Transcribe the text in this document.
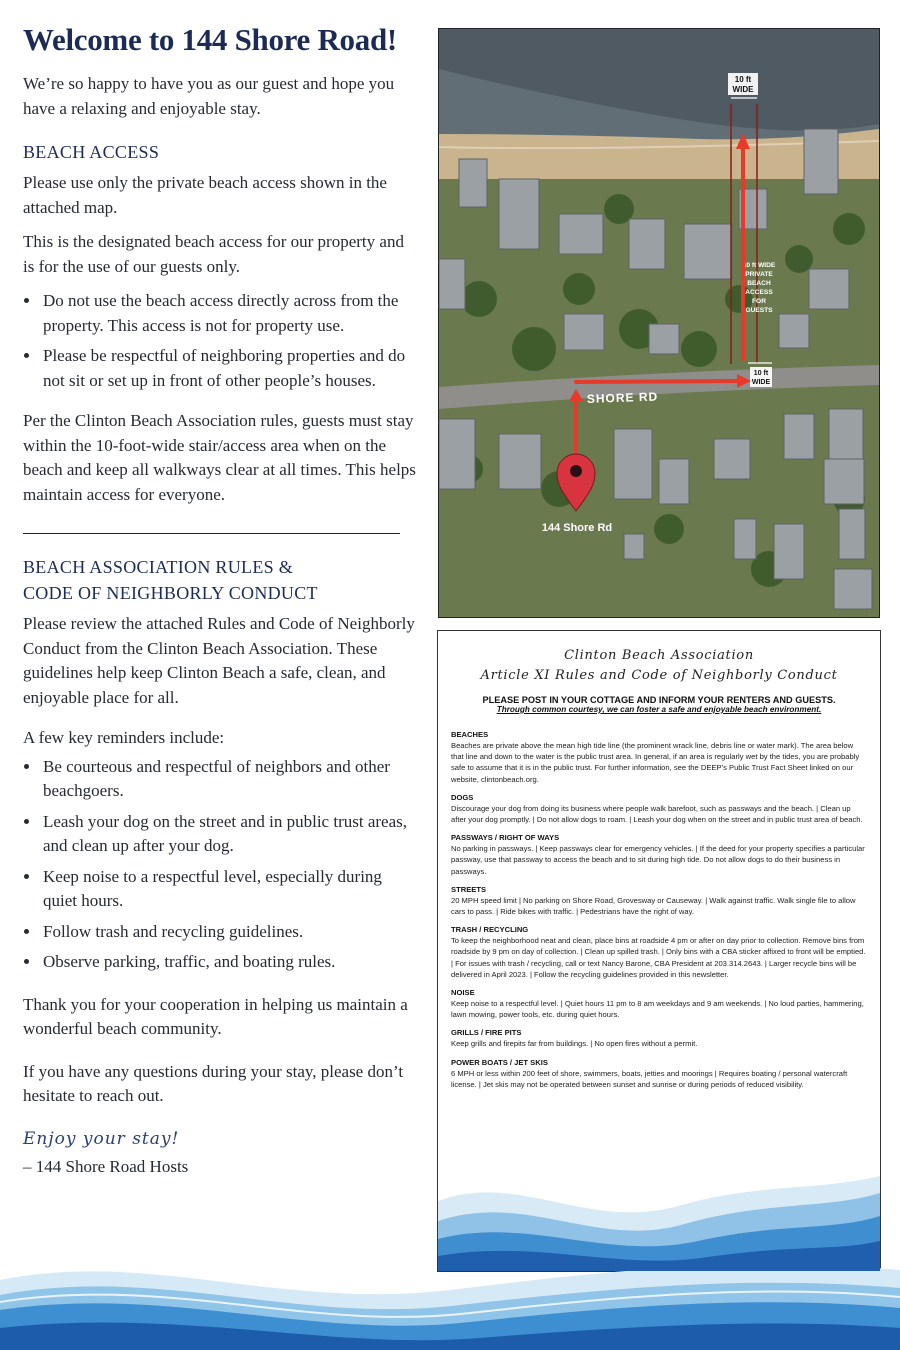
Welcome to 144 Shore Road!

We’re so happy to have you as our guest and hope you have a relaxing and enjoyable stay.

BEACH ACCESS

Please use only the private beach access shown in the attached map.

This is the designated beach access for our property and is for the use of our guests only.

• Do not use the beach access directly across from the property. This access is not for property use.
• Please be respectful of neighboring properties and do not sit or set up in front of other people’s houses.

Per the Clinton Beach Association rules, guests must stay within the 10-foot-wide stair/access area when on the beach and keep all walkways clear at all times. This helps maintain access for everyone.

BEACH ASSOCIATION RULES &
CODE OF NEIGHBORLY CONDUCT

Please review the attached Rules and Code of Neighborly Conduct from the Clinton Beach Association. These guidelines help keep Clinton Beach a safe, clean, and enjoyable place for all.

A few key reminders include:

• Be courteous and respectful of neighbors and other beachgoers.
• Leash your dog on the street and in public trust areas, and clean up after your dog.
• Keep noise to a respectful level, especially during quiet hours.
• Follow trash and recycling guidelines.
• Observe parking, traffic, and boating rules.

Thank you for your cooperation in helping us maintain a wonderful beach community.

If you have any questions during your stay, please don’t hesitate to reach out.

Enjoy your stay!
– 144 Shore Road Hosts
10 ft
WIDE
10 ft WIDE
PRIVATE
BEACH
ACCESS
FOR
GUESTS
10 ft
WIDE
SHORE RD
144 Shore Rd
Clinton Beach Association
Article XI Rules and Code of Neighborly Conduct
PLEASE POST IN YOUR COTTAGE AND INFORM YOUR RENTERS AND GUESTS.
Through common courtesy, we can foster a safe and enjoyable beach environment.
BEACHES

Beaches are private above the mean high tide line (the prominent wrack line, debris line or water mark). The area below that line and down to the water is the public trust area. In general, if an area is regularly wet by the tides, you are probably safe to assume that it is in the public trust. For further information, see the DEEP’s Public Trust Fact Sheet linked on our website, clintonbeach.org.

DOGS

Discourage your dog from doing its business where people walk barefoot, such as passways and the beach. | Clean up after your dog promptly. | Do not allow dogs to roam. | Leash your dog when on the street and in public trust area of beach.

PASSWAYS / RIGHT OF WAYS

No parking in passways. | Keep passways clear for emergency vehicles. | If the deed for your property specifies a particular passway, use that passway to access the beach and to sit during high tide. Do not allow dogs to do their business in passways.

STREETS

20 MPH speed limit | No parking on Shore Road, Grovesway or Causeway. | Walk against traffic. Walk single file to allow cars to pass. | Ride bikes with traffic. | Pedestrians have the right of way.

TRASH / RECYCLING

To keep the neighborhood neat and clean, place bins at roadside 4 pm or after on day prior to collection. Remove bins from roadside by 9 pm on day of collection. | Clean up spilled trash. | Only bins with a CBA sticker affixed to front will be emptied. | For issues with trash / recycling, call or text Nancy Barone, CBA President at 203.314.2643. | Larger recycle bins will be delivered in April 2023. | Follow the recycling guidelines provided in this newsletter.

NOISE

Keep noise to a respectful level. | Quiet hours 11 pm to 8 am weekdays and 9 am weekends. | No loud parties, hammering, lawn mowing, power tools, etc. during quiet hours.

GRILLS / FIRE PITS

Keep grills and firepits far from buildings. | No open fires without a permit.

POWER BOATS / JET SKIS

6 MPH or less within 200 feet of shore, swimmers, boats, jetties and moorings | Requires boating / personal watercraft license. | Jet skis may not be operated between sunset and sunrise or during periods of reduced visibility.
